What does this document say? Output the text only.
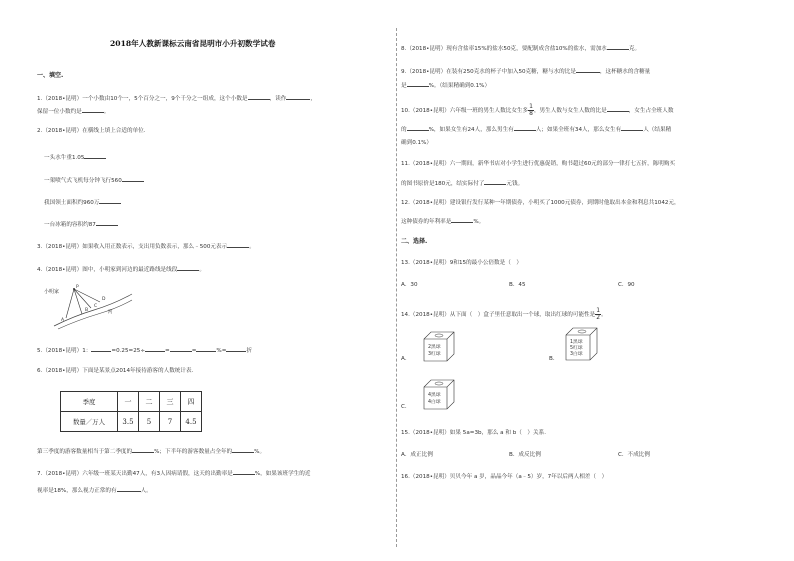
2018年人教新课标云南省昆明市小升初数学试卷
一、填空.
1.（2018•昆明）一个小数由10个一，5个百分之一，9个千分之一组成，这个小数是	，读作	，
保留一位小数约是	。
2.（2018•昆明）在横线上填上合适的单位.
一头水牛重1.05
一架喷气式飞机每分钟飞行560
我国领土面积约960万
一台冰箱的容积约87
3.（2018•昆明）如果收入用正数表示，支出用负数表示，那么﹣500元表示	。
4.（2018•昆明）图中，小明家到河边的最近路线是线段	。
小明家
P
D
B
C
A
河
5.（2018•昆明）1：	=0.25=25÷	=	=	%=	折
6.（2018•昆明）下面是某景点2014年接待游客的人数统计表.
季度	一	二	三	四
数量／万人	3.5	5	7	4.5
第三季度的游客数量相当于第二季度的	%；下半年的游客数量占全年的	%。
7.（2018•昆明）六年级一班某天出勤47人，有3人因病请假，这天的出勤率是	%，如果该班学生的近
视率是18%，那么视力正常的有	人。
8.（2018•昆明）现有含盐率15%的盐水50克，要配制成含盐10%的盐水，需加水	克。
9.（2018•昆明）在装有250克水的杯子中加入50克糖，糖与水的比是	，这杯糖水的含糖量
是	%。（结果精确到0.1%）
10.（2018•昆明）六年级一班的男生人数比女生多 $\frac{1}{8}$ ，男生人数与女生人数的比是	，女生占全班人数
的	%，如果女生有24人，那么男生有	人；如果全班有34人，那么女生有	人（结果精
确到0.1%）
11.（2018•昆明）六一期间，新华书店对小学生进行优惠促销，购书超过60元的部分一律打七五折，陈明购买
的图书原价是180元，结实际付了	元钱。
12.（2018•昆明）建设银行发行某种一年期债券，小明买了1000元债券，到期时他取出本金和利息共1042元，
这种债券的年利率是	%。
二、选择.
13.（2018•昆明）9和15的最小公倍数是（　）
A．30	B．45	C．90
14.（2018•昆明）从下面（　）盒子里任意取出一个球，取出红球的可能性是 $\frac{1}{2}$ 。
A．
2黑球
3红球
B．
1黑球
5红球
3白球
C．
4黑球
4白球
15.（2018•昆明）如果 5a=3b，那么 a 和 b（　）关系.
A．成正比例	B．成反比例	C．不成比例
16.（2018•昆明）贝贝今年 a 岁，晶晶今年（a﹣5）岁，7年以后两人相差（　）
